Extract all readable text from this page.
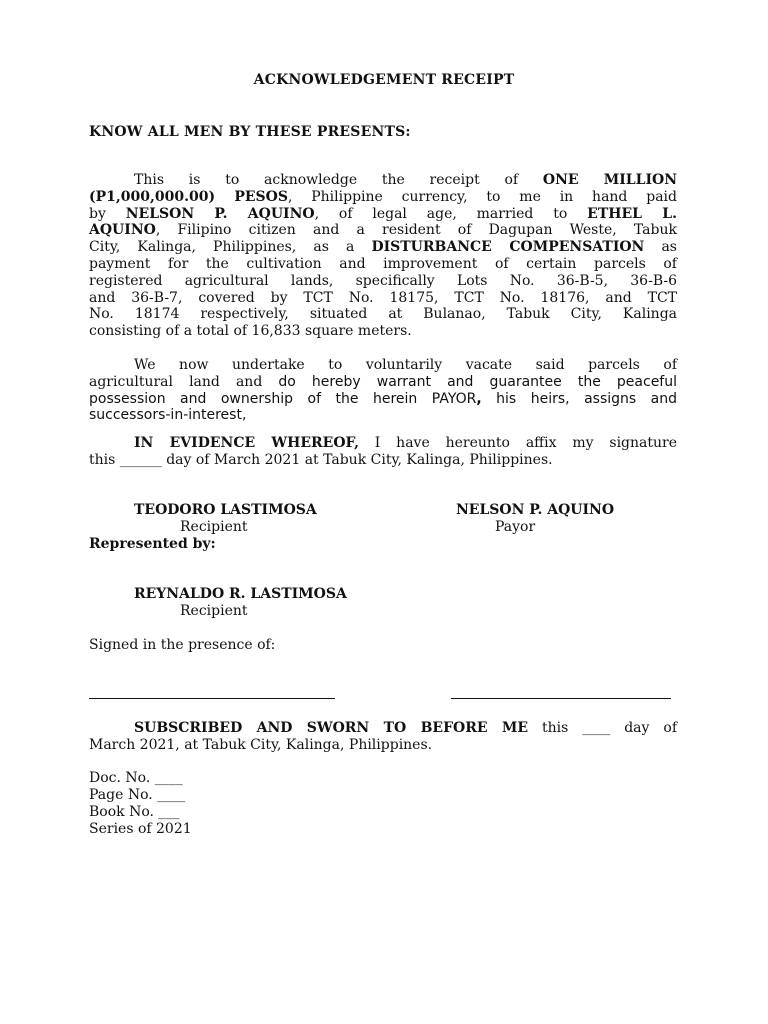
ACKNOWLEDGEMENT RECEIPT
KNOW ALL MEN BY THESE PRESENTS:
This is to acknowledge the receipt of ONE MILLION
(P1,000,000.00) PESOS, Philippine currency, to me in hand paid
by NELSON P. AQUINO, of legal age, married to ETHEL L.
AQUINO, Filipino citizen and a resident of Dagupan Weste, Tabuk
City, Kalinga, Philippines, as a DISTURBANCE COMPENSATION as
payment for the cultivation and improvement of certain parcels of
registered agricultural lands, specifically Lots No. 36-B-5, 36-B-6
and 36-B-7, covered by TCT No. 18175, TCT No. 18176, and TCT
No. 18174 respectively, situated at Bulanao, Tabuk City, Kalinga
consisting of a total of 16,833 square meters.
We now undertake to voluntarily vacate said parcels of
agricultural land and do hereby warrant and guarantee the peaceful
possession and ownership of the herein PAYOR, his heirs, assigns and
successors-in-interest,
IN EVIDENCE WHEREOF, I have hereunto affix my signature
this ______ day of March 2021 at Tabuk City, Kalinga, Philippines.
TEODORO LASTIMOSA
Recipient
NELSON P. AQUINO
Payor
Represented by:
REYNALDO R. LASTIMOSA
Recipient
Signed in the presence of:
SUBSCRIBED AND SWORN TO BEFORE ME this ____ day of
March 2021, at Tabuk City, Kalinga, Philippines.
Doc. No. ____
Page No. ____
Book No. ___
Series of 2021
